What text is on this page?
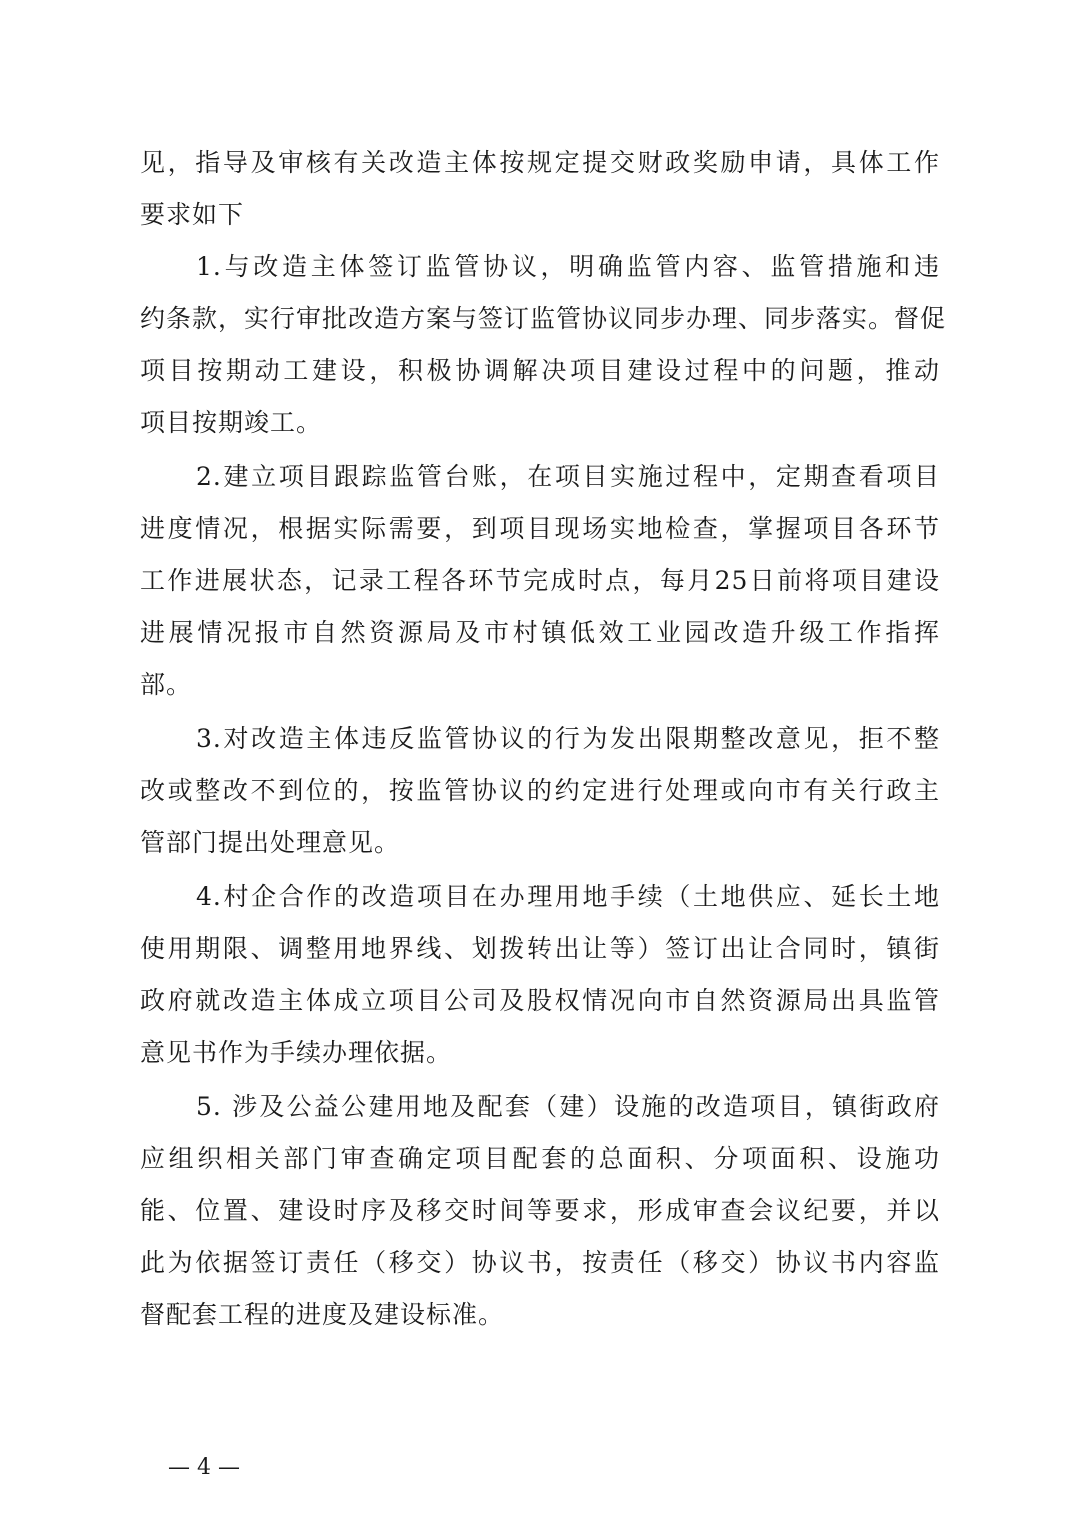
见，指导及审核有关改造主体按规定提交财政奖励申请，具体工作
要求如下
1.与改造主体签订监管协议，明确监管内容、监管措施和违
约条款，实行审批改造方案与签订监管协议同步办理、同步落实。督促
项目按期动工建设，积极协调解决项目建设过程中的问题，推动
项目按期竣工。
2.建立项目跟踪监管台账，在项目实施过程中，定期查看项目
进度情况，根据实际需要，到项目现场实地检查，掌握项目各环节
工作进展状态，记录工程各环节完成时点，每月25日前将项目建设
进展情况报市自然资源局及市村镇低效工业园改造升级工作指挥
部。
3.对改造主体违反监管协议的行为发出限期整改意见，拒不整
改或整改不到位的，按监管协议的约定进行处理或向市有关行政主
管部门提出处理意见。
4.村企合作的改造项目在办理用地手续（土地供应、延长土地
使用期限、调整用地界线、划拨转出让等）签订出让合同时，镇街
政府就改造主体成立项目公司及股权情况向市自然资源局出具监管
意见书作为手续办理依据。
5. 涉及公益公建用地及配套（建）设施的改造项目，镇街政府
应组织相关部门审查确定项目配套的总面积、分项面积、设施功
能、位置、建设时序及移交时间等要求，形成审查会议纪要，并以
此为依据签订责任（移交）协议书，按责任（移交）协议书内容监
督配套工程的进度及建设标准。
— 4 —
